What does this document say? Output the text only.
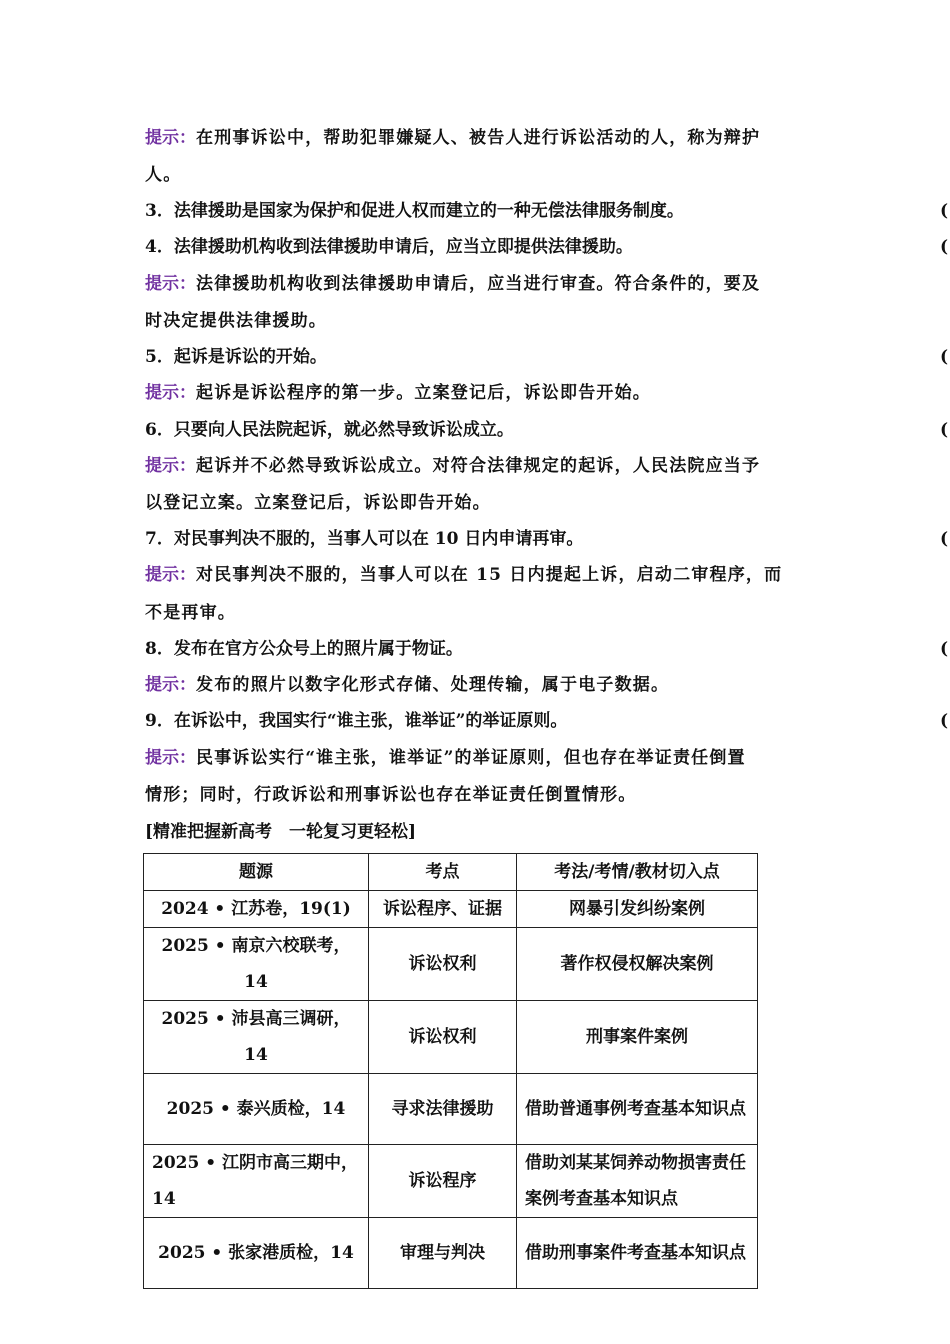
提示：在刑事诉讼中，帮助犯罪嫌疑人、被告人进行诉讼活动的人，称为辩护
人。
3．法律援助是国家为保护和促进人权而建立的一种无偿法律服务制度。	(
4．法律援助机构收到法律援助申请后，应当立即提供法律援助。	(
提示：法律援助机构收到法律援助申请后，应当进行审查。符合条件的，要及
时决定提供法律援助。
5．起诉是诉讼的开始。	(
提示：起诉是诉讼程序的第一步。立案登记后，诉讼即告开始。
6．只要向人民法院起诉，就必然导致诉讼成立。	(
提示：起诉并不必然导致诉讼成立。对符合法律规定的起诉，人民法院应当予
以登记立案。立案登记后，诉讼即告开始。
7．对民事判决不服的，当事人可以在 10 日内申请再审。	(
提示：对民事判决不服的，当事人可以在 15 日内提起上诉，启动二审程序，而
不是再审。
8．发布在官方公众号上的照片属于物证。	(
提示：发布的照片以数字化形式存储、处理传输，属于电子数据。
9．在诉讼中，我国实行“谁主张，谁举证”的举证原则。	(
提示：民事诉讼实行“谁主张，谁举证”的举证原则，但也存在举证责任倒置
情形；同时，行政诉讼和刑事诉讼也存在举证责任倒置情形。
[精准把握新高考　一轮复习更轻松]
题源	考点	考法/考情/教材切入点
2024 • 江苏卷，19(1)	诉讼程序、证据	网暴引发纠纷案例
2025 • 南京六校联考，14	诉讼权利	著作权侵权解决案例
2025 • 沛县高三调研，14	诉讼权利	刑事案件案例
2025 • 泰兴质检，14	寻求法律援助	借助普通事例考查基本知识点
2025 • 江阴市高三期中，14	诉讼程序	借助刘某某饲养动物损害责任案例考查基本知识点
2025 • 张家港质检，14	审理与判决	借助刑事案件考查基本知识点
